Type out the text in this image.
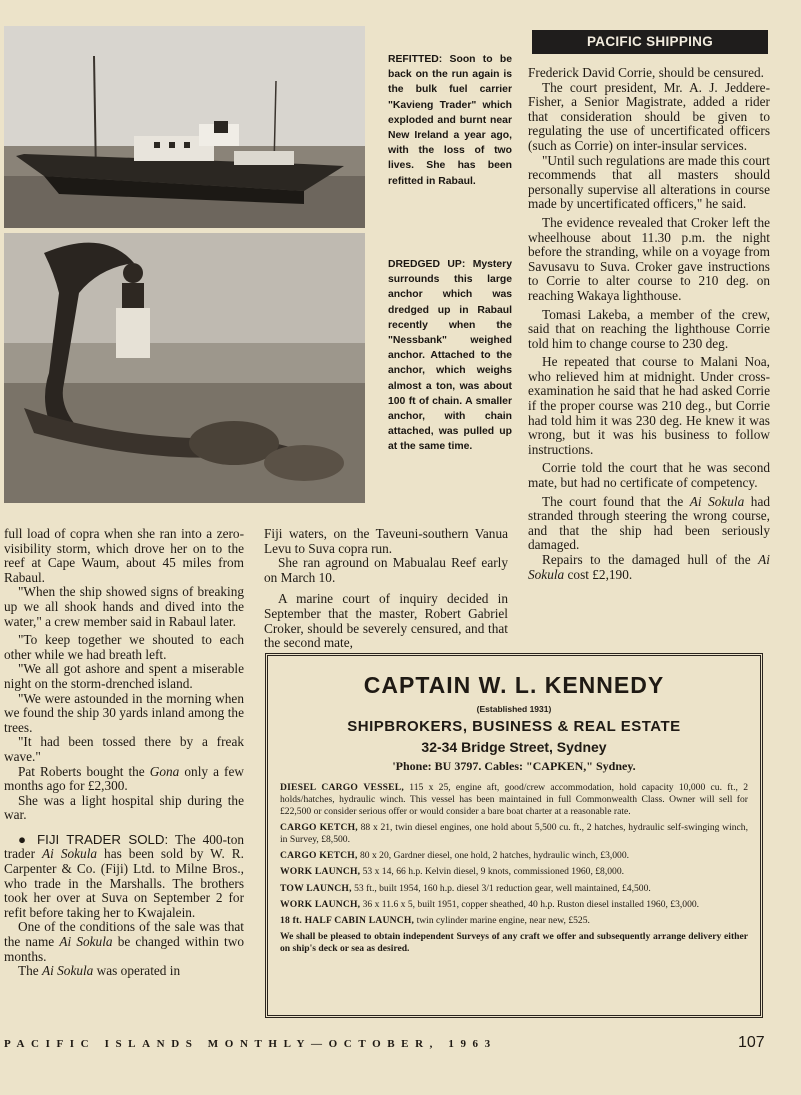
REFITTED: Soon to be back on the run again is the bulk fuel carrier "Kavieng Trader" which exploded and burnt near New Ireland a year ago, with the loss of two lives. She has been refitted in Rabaul.
DREDGED UP: Mystery surrounds this large anchor which was dredged up in Rabaul recently when the "Nessbank" weighed anchor. Attached to the anchor, which weighs almost a ton, was about 100 ft of chain. A smaller anchor, with chain attached, was pulled up at the same time.
PACIFIC SHIPPING

full load of copra when she ran into a zero-visibility storm, which drove her on to the reef at Cape Waum, about 45 miles from Rabaul.

"When the ship showed signs of breaking up we all shook hands and dived into the water," a crew member said in Rabaul later.

"To keep together we shouted to each other while we had breath left.

"We all got ashore and spent a miserable night on the storm-drenched island.

"We were astounded in the morning when we found the ship 30 yards inland among the trees.

"It had been tossed there by a freak wave."

Pat Roberts bought the Gona only a few months ago for £2,300.

She was a light hospital ship during the war.

● FIJI TRADER SOLD: The 400-ton trader Ai Sokula has been sold by W. R. Carpenter & Co. (Fiji) Ltd. to Milne Bros., who trade in the Marshalls. The brothers took her over at Suva on September 2 for refit before taking her to Kwajalein.

One of the conditions of the sale was that the name Ai Sokula be changed within two months.

The Ai Sokula was operated in

Fiji waters, on the Taveuni-southern Vanua Levu to Suva copra run.

She ran aground on Mabualau Reef early on March 10.

A marine court of inquiry decided in September that the master, Robert Gabriel Croker, should be severely censured, and that the second mate,

Frederick David Corrie, should be censured.

The court president, Mr. A. J. Jeddere-Fisher, a Senior Magistrate, added a rider that consideration should be given to regulating the use of uncertificated officers (such as Corrie) on inter-insular services.

"Until such regulations are made this court recommends that all masters should personally supervise all alterations in course made by uncertificated officers," he said.

The evidence revealed that Croker left the wheelhouse about 11.30 p.m. the night before the stranding, while on a voyage from Savusavu to Suva. Croker gave instructions to Corrie to alter course to 210 deg. on reaching Wakaya lighthouse.

Tomasi Lakeba, a member of the crew, said that on reaching the lighthouse Corrie told him to change course to 230 deg.

He repeated that course to Malani Noa, who relieved him at midnight. Under cross-examination he said that he had asked Corrie if the proper course was 210 deg., but Corrie had told him it was 230 deg. He knew it was wrong, but it was his business to follow instructions.

Corrie told the court that he was second mate, but had no certificate of competency.

The court found that the Ai Sokula had stranded through steering the wrong course, and that the ship had been seriously damaged.

Repairs to the damaged hull of the Ai Sokula cost £2,190.

CAPTAIN W. L. KENNEDY
(Established 1931)
SHIPBROKERS, BUSINESS & REAL ESTATE
32-34 Bridge Street, Sydney
'Phone: BU 3797. Cables: "CAPKEN," Sydney.

DIESEL CARGO VESSEL, 115 x 25, engine aft, good/crew accommodation, hold capacity 10,000 cu. ft., 2 holds/hatches, hydraulic winch. This vessel has been maintained in full Commonwealth Class. Owner will sell for £22,500 or consider serious offer or would consider a bare boat charter at a reasonable rate.

CARGO KETCH, 88 x 21, twin diesel engines, one hold about 5,500 cu. ft., 2 hatches, hydraulic self-swinging winch, in Survey, £8,500.

CARGO KETCH, 80 x 20, Gardner diesel, one hold, 2 hatches, hydraulic winch, £3,000.

WORK LAUNCH, 53 x 14, 66 h.p. Kelvin diesel, 9 knots, commissioned 1960, £8,000.

TOW LAUNCH, 53 ft., built 1954, 160 h.p. diesel 3/1 reduction gear, well maintained, £4,500.

WORK LAUNCH, 36 x 11.6 x 5, built 1951, copper sheathed, 40 h.p. Ruston diesel installed 1960, £3,000.

18 ft. HALF CABIN LAUNCH, twin cylinder marine engine, near new, £525.

We shall be pleased to obtain independent Surveys of any craft we offer and subsequently arrange delivery either on ship's deck or sea as desired.

PACIFIC ISLANDS MONTHLY—OCTOBER, 1963	107
